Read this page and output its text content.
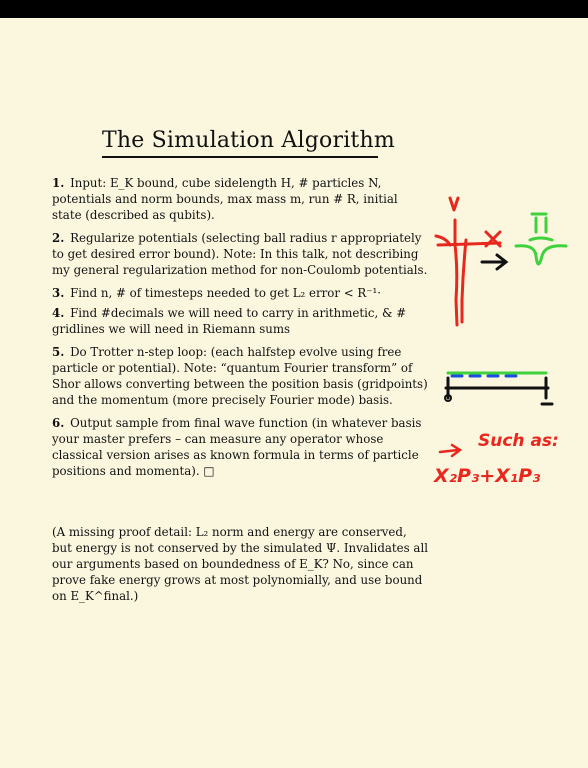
The Simulation Algorithm
1. Input: E_K bound, cube sidelength H, # particles N, potentials and norm bounds, max mass m, run # R, initial state (described as qubits).
2. Regularize potentials (selecting ball radius r appropriately to get desired error bound). Note: In this talk, not describing my general regularization method for non-Coulomb potentials.
3. Find n, # of timesteps needed to get L₂ error < R⁻¹·
4. Find #decimals we will need to carry in arithmetic, & # gridlines we will need in Riemann sums
5. Do Trotter n-step loop: (each halfstep evolve using free particle or potential). Note: “quantum Fourier transform” of Shor allows converting between the position basis (gridpoints) and the momentum (more precisely Fourier mode) basis.
6. Output sample from final wave function (in whatever basis your master prefers – can measure any operator whose classical version arises as known formula in terms of particle positions and momenta). □
(A missing proof detail: L₂ norm and energy are conserved, but energy is not conserved by the simulated Ψ. Invalidates all our arguments based on boundedness of E_K? No, since can prove fake energy grows at most polynomially, and use bound on E_K^final.)
Such as:
X₂P₃+X₁P₃
